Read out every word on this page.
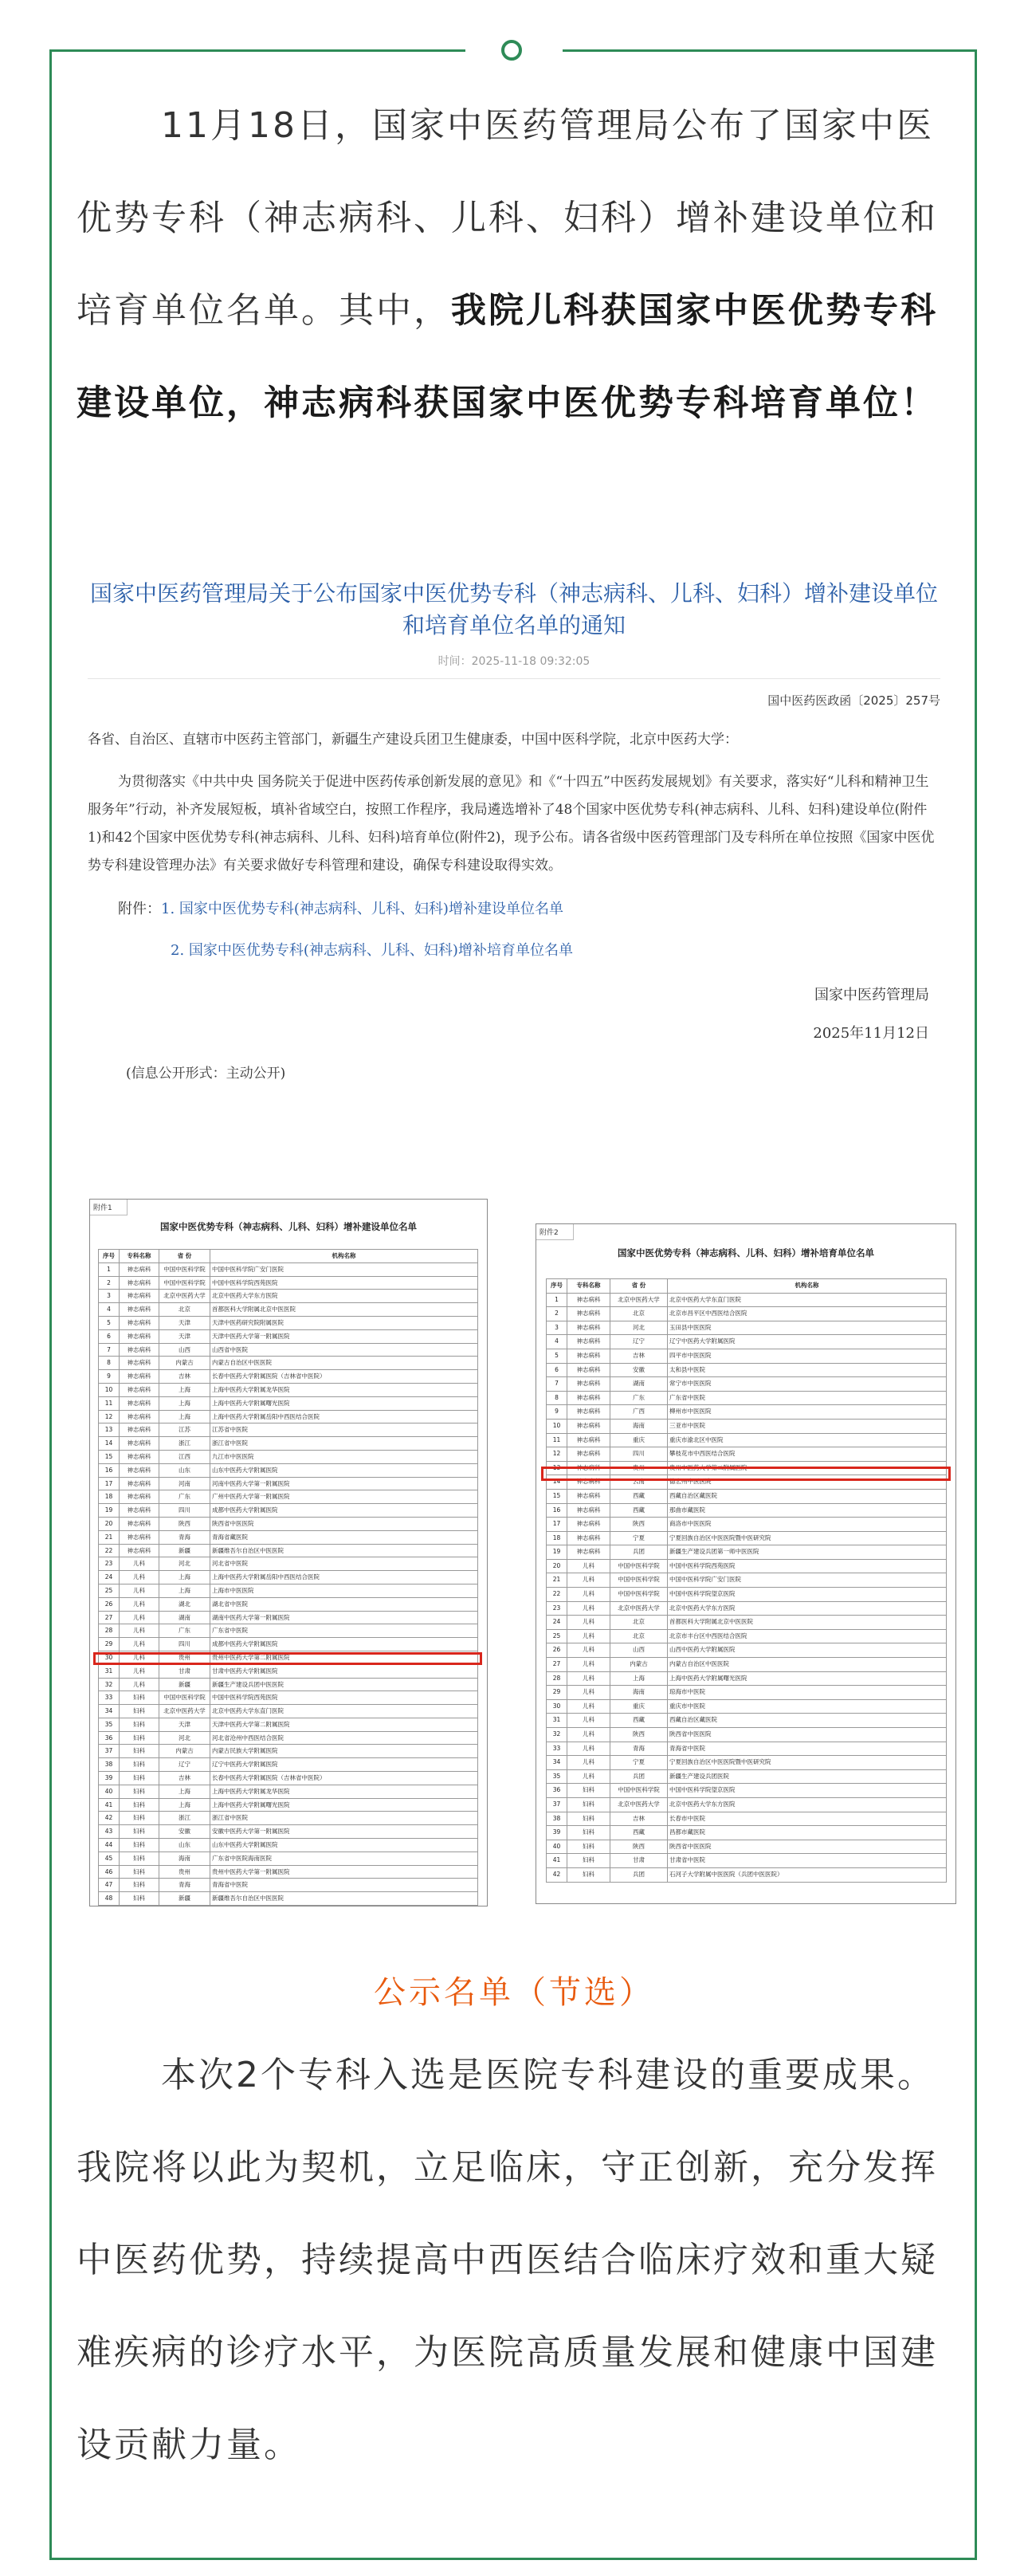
11月18日，国家中医药管理局公布了国家中医优势专科（神志病科、儿科、妇科）增补建设单位和培育单位名单。其中，我院儿科获国家中医优势专科建设单位，神志病科获国家中医优势专科培育单位！

国家中医药管理局关于公布国家中医优势专科（神志病科、儿科、妇科）增补建设单位和培育单位名单的通知
时间：2025-11-18 09:32:05
国中医药医政函〔2025〕257号
各省、自治区、直辖市中医药主管部门，新疆生产建设兵团卫生健康委，中国中医科学院，北京中医药大学：
为贯彻落实《中共中央 国务院关于促进中医药传承创新发展的意见》和《“十四五”中医药发展规划》有关要求，落实好“儿科和精神卫生服务年”行动，补齐发展短板，填补省域空白，按照工作程序，我局遴选增补了48个国家中医优势专科(神志病科、儿科、妇科)建设单位(附件1)和42个国家中医优势专科(神志病科、儿科、妇科)培育单位(附件2)，现予公布。请各省级中医药管理部门及专科所在单位按照《国家中医优势专科建设管理办法》有关要求做好专科管理和建设，确保专科建设取得实效。
附件：1. 国家中医优势专科(神志病科、儿科、妇科)增补建设单位名单
2. 国家中医优势专科(神志病科、儿科、妇科)增补培育单位名单
国家中医药管理局
2025年11月12日
(信息公开形式：主动公开)
附件1
国家中医优势专科（神志病科、儿科、妇科）增补建设单位名单
序号	专科名称	省 份	机构名称
1	神志病科	中国中医科学院	中国中医科学院广安门医院
2	神志病科	中国中医科学院	中国中医科学院西苑医院
3	神志病科	北京中医药大学	北京中医药大学东方医院
4	神志病科	北京	首都医科大学附属北京中医医院
5	神志病科	天津	天津中医药研究院附属医院
6	神志病科	天津	天津中医药大学第一附属医院
7	神志病科	山西	山西省中医院
8	神志病科	内蒙古	内蒙古自治区中医医院
9	神志病科	吉林	长春中医药大学附属医院（吉林省中医院）
10	神志病科	上海	上海中医药大学附属龙华医院
11	神志病科	上海	上海中医药大学附属曙光医院
12	神志病科	上海	上海中医药大学附属岳阳中西医结合医院
13	神志病科	江苏	江苏省中医院
14	神志病科	浙江	浙江省中医院
15	神志病科	江西	九江市中医医院
16	神志病科	山东	山东中医药大学附属医院
17	神志病科	河南	河南中医药大学第一附属医院
18	神志病科	广东	广州中医药大学第一附属医院
19	神志病科	四川	成都中医药大学附属医院
20	神志病科	陕西	陕西省中医医院
21	神志病科	青海	青海省藏医院
22	神志病科	新疆	新疆维吾尔自治区中医医院
23	儿科	河北	河北省中医院
24	儿科	上海	上海中医药大学附属岳阳中西医结合医院
25	儿科	上海	上海市中医医院
26	儿科	湖北	湖北省中医院
27	儿科	湖南	湖南中医药大学第一附属医院
28	儿科	广东	广东省中医院
29	儿科	四川	成都中医药大学附属医院
30	儿科	贵州	贵州中医药大学第二附属医院
31	儿科	甘肃	甘肃中医药大学附属医院
32	儿科	新疆	新疆生产建设兵团中医医院
33	妇科	中国中医科学院	中国中医科学院西苑医院
34	妇科	北京中医药大学	北京中医药大学东直门医院
35	妇科	天津	天津中医药大学第二附属医院
36	妇科	河北	河北省沧州中西医结合医院
37	妇科	内蒙古	内蒙古民族大学附属医院
38	妇科	辽宁	辽宁中医药大学附属医院
39	妇科	吉林	长春中医药大学附属医院（吉林省中医院）
40	妇科	上海	上海中医药大学附属龙华医院
41	妇科	上海	上海中医药大学附属曙光医院
42	妇科	浙江	浙江省中医院
43	妇科	安徽	安徽中医药大学第一附属医院
44	妇科	山东	山东中医药大学附属医院
45	妇科	海南	广东省中医院海南医院
46	妇科	贵州	贵州中医药大学第一附属医院
47	妇科	青海	青海省中医院
48	妇科	新疆	新疆维吾尔自治区中医医院
附件2
国家中医优势专科（神志病科、儿科、妇科）增补培育单位名单
序号	专科名称	省 份	机构名称
1	神志病科	北京中医药大学	北京中医药大学东直门医院
2	神志病科	北京	北京市昌平区中西医结合医院
3	神志病科	河北	玉田县中医医院
4	神志病科	辽宁	辽宁中医药大学附属医院
5	神志病科	吉林	四平市中医医院
6	神志病科	安徽	太和县中医院
7	神志病科	湖南	常宁市中医医院
8	神志病科	广东	广东省中医院
9	神志病科	广西	柳州市中医医院
10	神志病科	海南	三亚市中医院
11	神志病科	重庆	重庆市渝北区中医院
12	神志病科	四川	攀枝花市中西医结合医院
13	神志病科	贵州	贵州中医药大学第二附属医院
14	神志病科	云南	德宏州中医医院
15	神志病科	西藏	西藏自治区藏医院
16	神志病科	西藏	那曲市藏医院
17	神志病科	陕西	商洛市中医医院
18	神志病科	宁夏	宁夏回族自治区中医医院暨中医研究院
19	神志病科	兵团	新疆生产建设兵团第一师中医医院
20	儿科	中国中医科学院	中国中医科学院西苑医院
21	儿科	中国中医科学院	中国中医科学院广安门医院
22	儿科	中国中医科学院	中国中医科学院望京医院
23	儿科	北京中医药大学	北京中医药大学东方医院
24	儿科	北京	首都医科大学附属北京中医医院
25	儿科	北京	北京市丰台区中西医结合医院
26	儿科	山西	山西中医药大学附属医院
27	儿科	内蒙古	内蒙古自治区中医医院
28	儿科	上海	上海中医药大学附属曙光医院
29	儿科	海南	琼海市中医院
30	儿科	重庆	重庆市中医院
31	儿科	西藏	西藏自治区藏医院
32	儿科	陕西	陕西省中医医院
33	儿科	青海	青海省中医院
34	儿科	宁夏	宁夏回族自治区中医医院暨中医研究院
35	儿科	兵团	新疆生产建设兵团医院
36	妇科	中国中医科学院	中国中医科学院望京医院
37	妇科	北京中医药大学	北京中医药大学东方医院
38	妇科	吉林	长春市中医院
39	妇科	西藏	昌都市藏医院
40	妇科	陕西	陕西省中医医院
41	妇科	甘肃	甘肃省中医院
42	妇科	兵团	石河子大学附属中医医院（兵团中医医院）
公示名单（节选）

本次2个专科入选是医院专科建设的重要成果。我院将以此为契机，立足临床，守正创新，充分发挥中医药优势，持续提高中西医结合临床疗效和重大疑难疾病的诊疗水平，为医院高质量发展和健康中国建设贡献力量。
